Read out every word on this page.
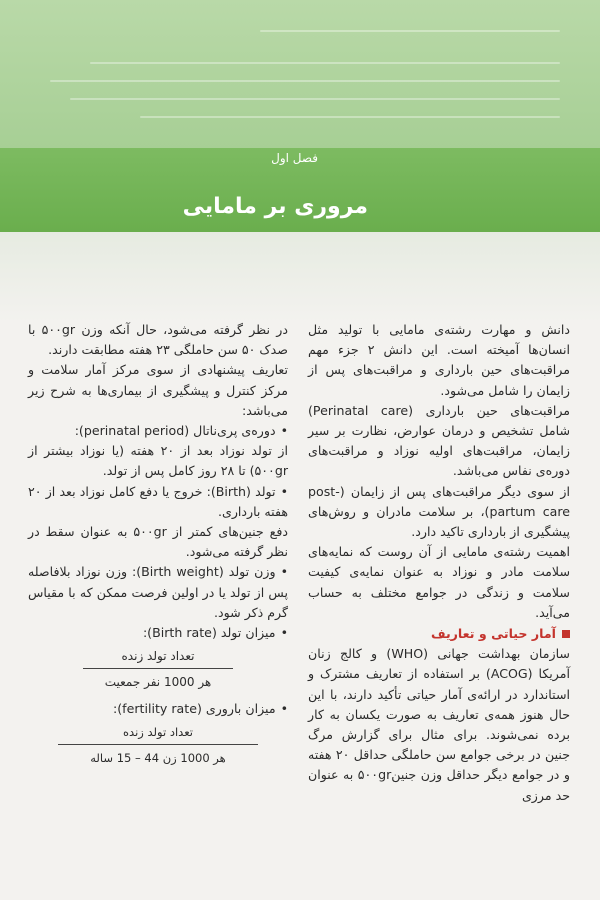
فصل اول
مروری بر مامایی

دانش و مهارت رشته‌ی مامایی با تولید مثل انسان‌ها آمیخته است. این دانش ۲ جزء مهم مراقبت‌های حین بارداری و مراقبت‌های پس از زایمان را شامل می‌شود.

مراقبت‌های حین بارداری (Perinatal care) شامل تشخیص و درمان عوارض، نظارت بر سیر زایمان، مراقبت‌های اولیه نوزاد و مراقبت‌های دوره‌ی نفاس می‌باشد.

از سوی دیگر مراقبت‌های پس از زایمان (post- partum care)، بر سلامت مادران و روش‌های پیشگیری از بارداری تاکید دارد.

اهمیت رشته‌ی مامایی از آن روست که نمایه‌های سلامت مادر و نوزاد به عنوان نمایه‌ی کیفیت سلامت و زندگی در جوامع مختلف به حساب می‌آید.

آمار حیاتی و تعاریف

سازمان بهداشت جهانی (WHO) و کالج زنان آمریکا (ACOG) بر استفاده از تعاریف مشترک و استاندارد در ارائه‌ی آمار حیاتی تأکید دارند، با این حال هنوز همه‌ی تعاریف به صورت یکسان به کار برده نمی‌شوند. برای مثال برای گزارش مرگ جنین در برخی جوامع سن حاملگی حداقل ۲۰ هفته و در جوامع دیگر حداقل وزن جنین۵۰۰gr به عنوان حد مرزی

در نظر گرفته می‌شود، حال آنکه وزن ۵۰۰gr با صدک ۵۰ سن حاملگی ۲۳ هفته مطابقت دارند.

تعاریف پیشنهادی از سوی مرکز آمار سلامت و مرکز کنترل و پیشگیری از بیماری‌ها به شرح زیر می‌باشد:

•دوره‌ی پری‌ناتال (perinatal period):

از تولد نوزاد بعد از ۲۰ هفته (یا نوزاد بیشتر از ۵۰۰gr) تا ۲۸ روز کامل پس از تولد.

•تولد (Birth): خروج یا دفع کامل نوزاد بعد از ۲۰ هفته بارداری.

دفع جنین‌های کمتر از ۵۰۰gr به عنوان سقط در نظر گرفته می‌شود.

•وزن تولد (Birth weight): وزن نوزاد بلافاصله پس از تولد یا در اولین فرصت ممکن که با مقیاس گرم ذکر شود.

•میزان تولد (Birth rate):

تعداد تولد زنده
هر 1000 نفر جمعیت

•میزان باروری (fertility rate):

تعداد تولد زنده
هر 1000 زن 44 – 15 ساله
